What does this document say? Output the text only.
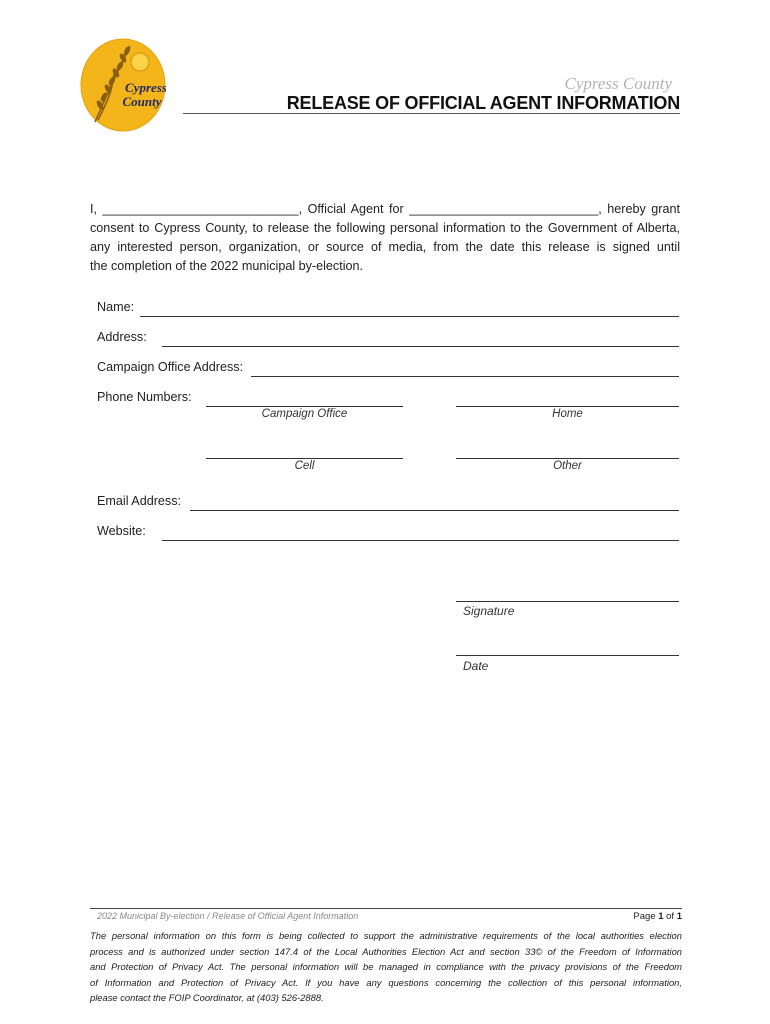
Cypress
County
Cypress County
RELEASE OF OFFICIAL AGENT INFORMATION
I, ____________________________, Official Agent for ___________________________, hereby grant
consent to Cypress County, to release the following personal information to the Government of Alberta,
any interested person, organization, or source of media, from the date this release is signed until
the completion of the 2022 municipal by-election.
Name:
Address:
Campaign Office Address:
Phone Numbers:
Campaign Office	Home
Cell	Other
Email Address:
Website:
Signature
Date
2022 Municipal By-election / Release of Official Agent Information	Page 1 of 1
The personal information on this form is being collected to support the administrative requirements of the local authorities election
process and is authorized under section 147.4 of the Local Authorities Election Act and section 33© of the Freedom of Information
and Protection of Privacy Act. The personal information will be managed in compliance with the privacy provisions of the Freedom
of Information and Protection of Privacy Act. If you have any questions concerning the collection of this personal information,
please contact the FOIP Coordinator, at (403) 526-2888.
